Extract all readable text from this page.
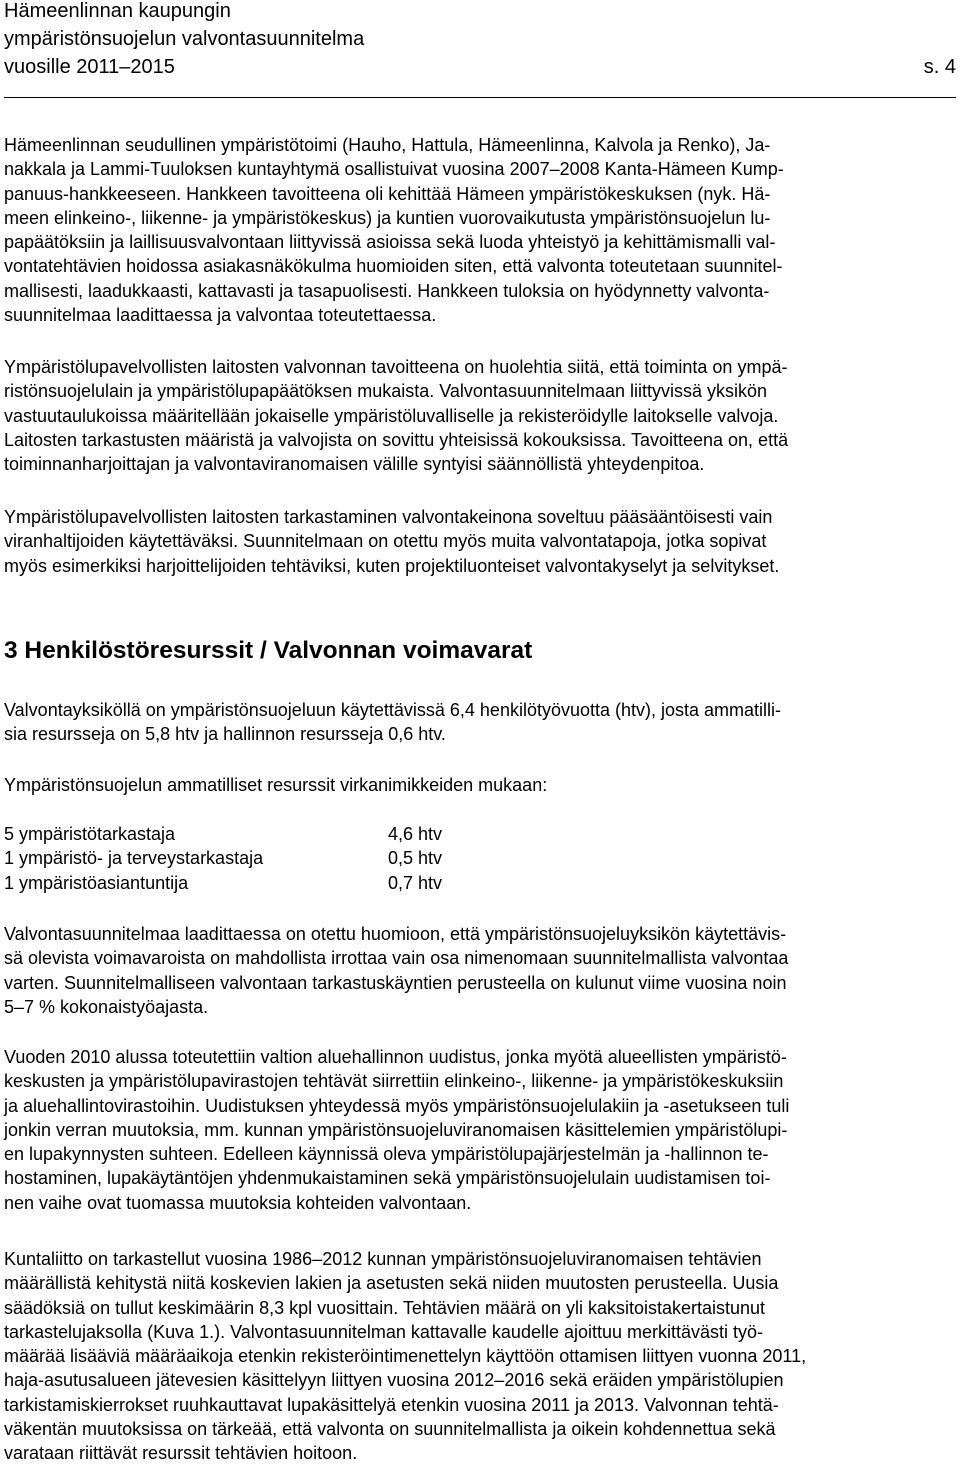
Hämeenlinnan kaupungin
ympäristönsuojelun valvontasuunnitelma
vuosille 2011–2015	s. 4

Hämeenlinnan seudullinen ympäristötoimi (Hauho, Hattula, Hämeenlinna, Kalvola ja Renko), Ja-
nakkala ja Lammi-Tuuloksen kuntayhtymä osallistuivat vuosina 2007–2008 Kanta-Hämeen Kump-
panuus-hankkeeseen. Hankkeen tavoitteena oli kehittää Hämeen ympäristökeskuksen (nyk. Hä-
meen elinkeino-, liikenne- ja ympäristökeskus) ja kuntien vuorovaikutusta ympäristönsuojelun lu-
papäätöksiin ja laillisuusvalvontaan liittyvissä asioissa sekä luoda yhteistyö ja kehittämismalli val-
vontatehtävien hoidossa asiakasnäkökulma huomioiden siten, että valvonta toteutetaan suunnitel-
mallisesti, laadukkaasti, kattavasti ja tasapuolisesti. Hankkeen tuloksia on hyödynnetty valvonta-
suunnitelmaa laadittaessa ja valvontaa toteutettaessa.

Ympäristölupavelvollisten laitosten valvonnan tavoitteena on huolehtia siitä, että toiminta on ympä-
ristönsuojelulain ja ympäristölupapäätöksen mukaista. Valvontasuunnitelmaan liittyvissä yksikön
vastuutaulukoissa määritellään jokaiselle ympäristöluvalliselle ja rekisteröidylle laitokselle valvoja.
Laitosten tarkastusten määristä ja valvojista on sovittu yhteisissä kokouksissa. Tavoitteena on, että
toiminnanharjoittajan ja valvontaviranomaisen välille syntyisi säännöllistä yhteydenpitoa.

Ympäristölupavelvollisten laitosten tarkastaminen valvontakeinona soveltuu pääsääntöisesti vain
viranhaltijoiden käytettäväksi. Suunnitelmaan on otettu myös muita valvontatapoja, jotka sopivat
myös esimerkiksi harjoittelijoiden tehtäviksi, kuten projektiluonteiset valvontakyselyt ja selvitykset.

3 Henkilöstöresurssit / Valvonnan voimavarat

Valvontayksiköllä on ympäristönsuojeluun käytettävissä 6,4 henkilötyövuotta (htv), josta ammatilli-
sia resursseja on 5,8 htv ja hallinnon resursseja 0,6 htv.

Ympäristönsuojelun ammatilliset resurssit virkanimikkeiden mukaan:

5 ympäristötarkastaja	4,6 htv
1 ympäristö- ja terveystarkastaja	0,5 htv
1 ympäristöasiantuntija	0,7 htv

Valvontasuunnitelmaa laadittaessa on otettu huomioon, että ympäristönsuojeluyksikön käytettävis-
sä olevista voimavaroista on mahdollista irrottaa vain osa nimenomaan suunnitelmallista valvontaa
varten. Suunnitelmalliseen valvontaan tarkastuskäyntien perusteella on kulunut viime vuosina noin
5–7 % kokonaistyöajasta.

Vuoden 2010 alussa toteutettiin valtion aluehallinnon uudistus, jonka myötä alueellisten ympäristö-
keskusten ja ympäristölupavirastojen tehtävät siirrettiin elinkeino-, liikenne- ja ympäristökeskuksiin
ja aluehallintovirastoihin. Uudistuksen yhteydessä myös ympäristönsuojelulakiin ja -asetukseen tuli
jonkin verran muutoksia, mm. kunnan ympäristönsuojeluviranomaisen käsittelemien ympäristölupi-
en lupakynnysten suhteen. Edelleen käynnissä oleva ympäristölupajärjestelmän ja -hallinnon te-
hostaminen, lupakäytäntöjen yhdenmukaistaminen sekä ympäristönsuojelulain uudistamisen toi-
nen vaihe ovat tuomassa muutoksia kohteiden valvontaan.

Kuntaliitto on tarkastellut vuosina 1986–2012 kunnan ympäristönsuojeluviranomaisen tehtävien
määrällistä kehitystä niitä koskevien lakien ja asetusten sekä niiden muutosten perusteella. Uusia
säädöksiä on tullut keskimäärin 8,3 kpl vuosittain. Tehtävien määrä on yli kaksitoistakertaistunut
tarkastelujaksolla (Kuva 1.). Valvontasuunnitelman kattavalle kaudelle ajoittuu merkittävästi työ-
määrää lisääviä määräaikoja etenkin rekisteröintimenettelyn käyttöön ottamisen liittyen vuonna 2011,
haja-asutusalueen jätevesien käsittelyyn liittyen vuosina 2012–2016 sekä eräiden ympäristölupien
tarkistamiskierrokset ruuhkauttavat lupakäsittelyä etenkin vuosina 2011 ja 2013. Valvonnan tehtä-
väkentän muutoksissa on tärkeää, että valvonta on suunnitelmallista ja oikein kohdennettua sekä
varataan riittävät resurssit tehtävien hoitoon.
